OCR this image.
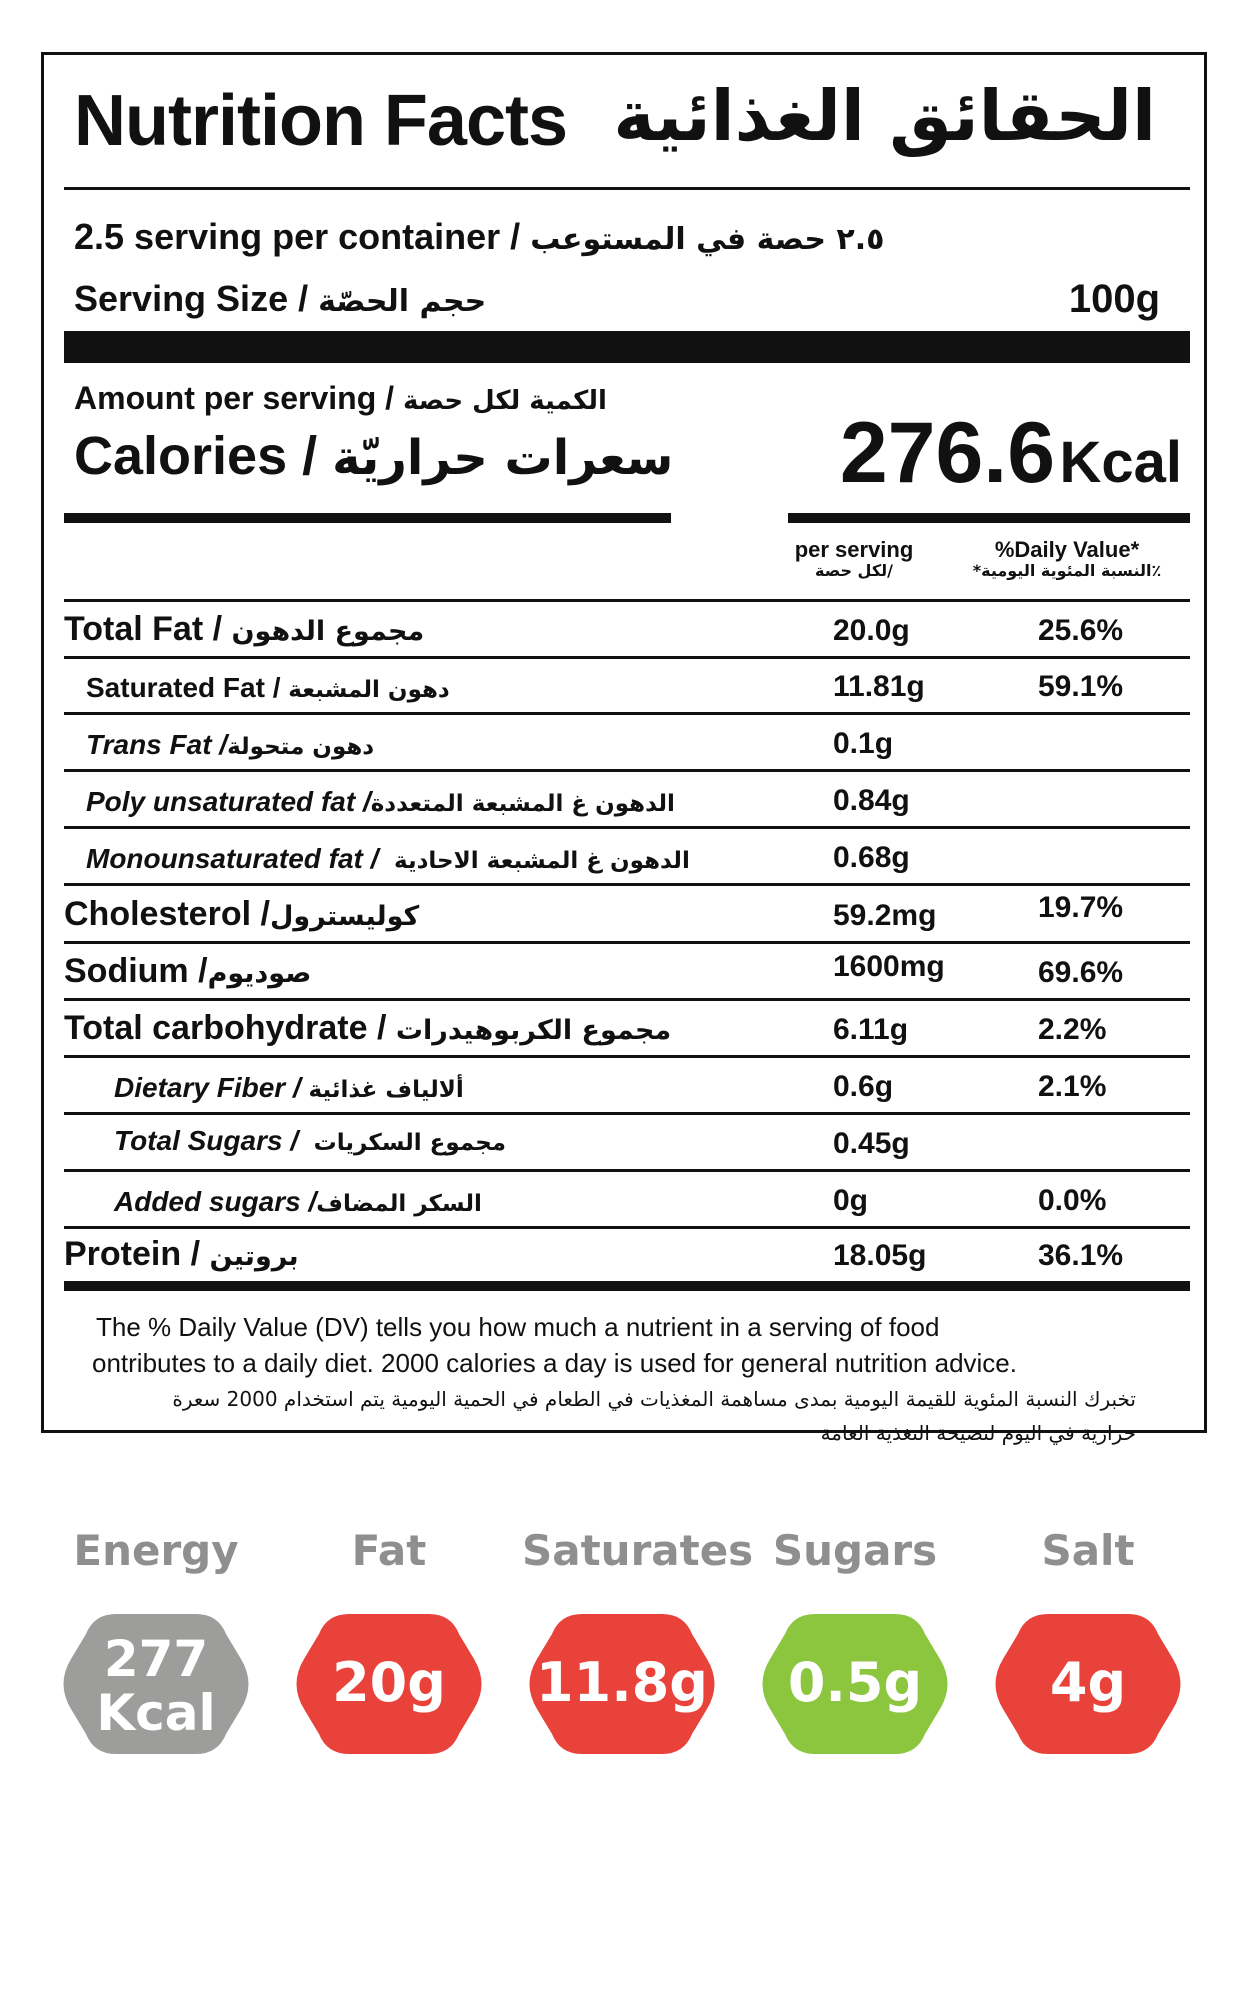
Nutrition Facts الحقائق الغذائية
2.5 serving per container / ٢.٥ حصة في المستوعب
Serving Size / حجم الحصّة	100g
Amount per serving / الكمية لكل حصة
Calories / سعرات حراريّة 276.6 Kcal
per serving
لكل حصة/
%Daily Value*
*النسبة المئوية اليومية٪
Total Fat / مجموع الدهون	20.0g	25.6%
Saturated Fat / دهون المشبعة	11.81g	59.1%
Trans Fat /دهون متحولة	0.1g
Poly unsaturated fat /الدهون غ المشبعة المتعددة	0.84g
Monounsaturated fat / الدهون غ المشبعة الاحادية	0.68g
Cholesterol /كوليسترول	59.2mg	19.7%
Sodium /صوديوم	1600mg	69.6%
Total carbohydrate / مجموع الكربوهيدرات	6.11g	2.2%
Dietary Fiber / ألالياف غذائية	0.6g	2.1%
Total Sugars / مجموع السكريات	0.45g
Added sugars /السكر المضاف	0g	0.0%
Protein / بروتين	18.05g	36.1%
The % Daily Value (DV) tells you how much a nutrient in a serving of food
ontributes to a daily diet. 2000 calories a day is used for general nutrition advice.
تخبرك النسبة المئوية للقيمة اليومية بمدى مساهمة المغذيات في الطعام في الحمية اليومية يتم استخدام 2000 سعرة
حرارية في اليوم لنصيحة التغذية العامة
Energy
277
Kcal
Fat
20g
Saturates
11.8g
Sugars
0.5g
Salt
4g
